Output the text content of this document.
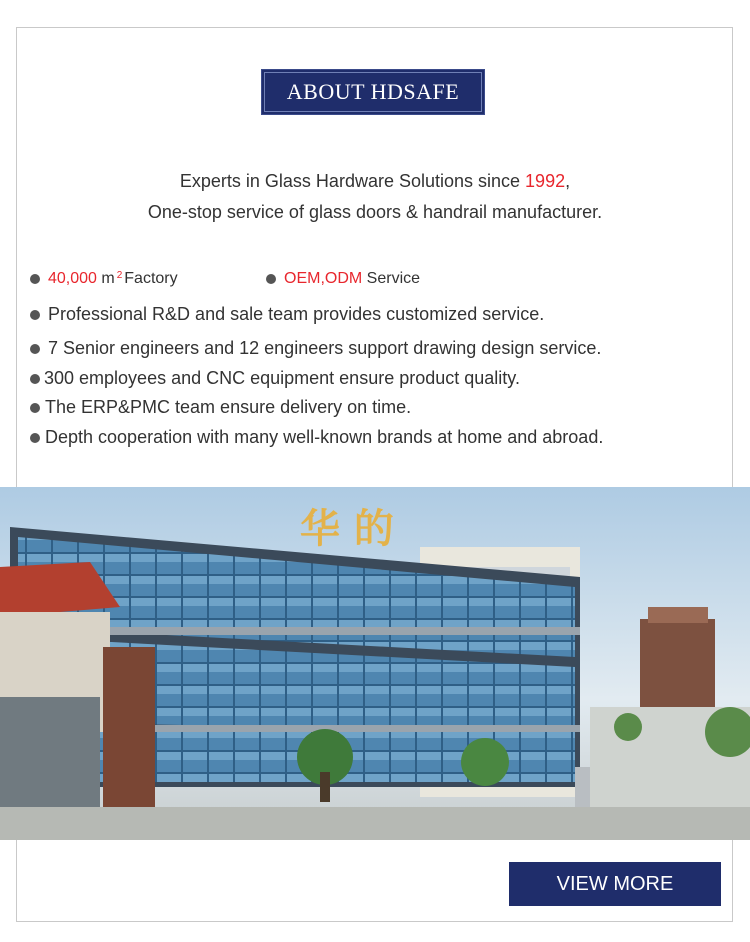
ABOUT HDSAFE
Experts in Glass Hardware Solutions since 1992,
One-stop service of glass doors & handrail manufacturer.
40,000
$m^2$ Factory	OEM,ODM
Service
Professional R&D and sale team provides customized service.
7 Senior engineers and 12 engineers support drawing design service.
300 employees and CNC equipment ensure product quality.
The ERP&PMC team ensure delivery on time.
Depth cooperation with many well-known brands at home and abroad.
华 的
VIEW MORE
